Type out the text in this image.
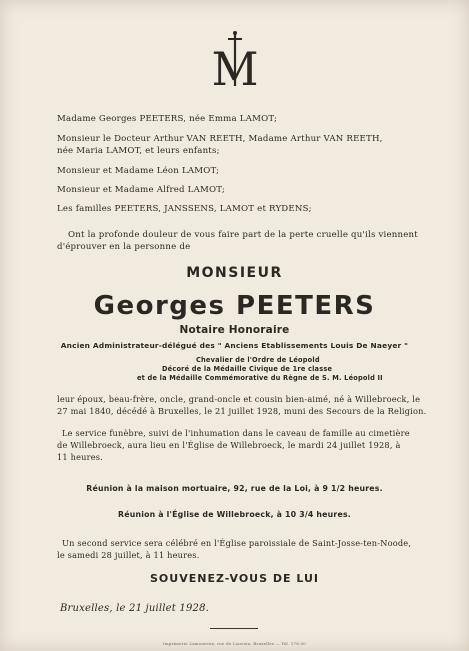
M
Madame Georges PEETERS, née Emma LAMOT;
Monsieur le Docteur Arthur VAN REETH, Madame Arthur VAN REETH,
née Maria LAMOT, et leurs enfants;
Monsieur et Madame Léon LAMOT;
Monsieur et Madame Alfred LAMOT;
Les familles PEETERS, JANSSENS, LAMOT et RYDENS;
Ont la profonde douleur de vous faire part de la perte cruelle qu'ils viennent
d'éprouver en la personne de
MONSIEUR
Georges PEETERS
Notaire Honoraire
Ancien Administrateur-délégué des " Anciens Etablissements Louis De Naeyer "
Chevalier de l'Ordre de Léopold
Décoré de la Médaille Civique de 1re classe
et de la Médaille Commémorative du Règne de S. M. Léopold II
leur époux, beau-frère, oncle, grand-oncle et cousin bien-aimé, né à Willebroeck, le
27 mai 1840, décédé à Bruxelles, le 21 juillet 1928, muni des Secours de la Religion.
Le service funèbre, suivi de l'inhumation dans le caveau de famille au cimetière
de Willebroeck, aura lieu en l'Église de Willebroeck, le mardi 24 juillet 1928, à
11 heures.
Réunion à la maison mortuaire, 92, rue de la Loi, à 9 1/2 heures.
Réunion à l'Église de Willebroeck, à 10 3/4 heures.
Un second service sera célébré en l'Église paroissiale de Saint-Josse-ten-Noode,
le samedi 28 juillet, à 11 heures.
SOUVENEZ-VOUS DE LUI
Bruxelles, le 21 juillet 1928.
Imprimerie Lamoureux, rue de Louvain, Bruxelles — Tél. 178.00
